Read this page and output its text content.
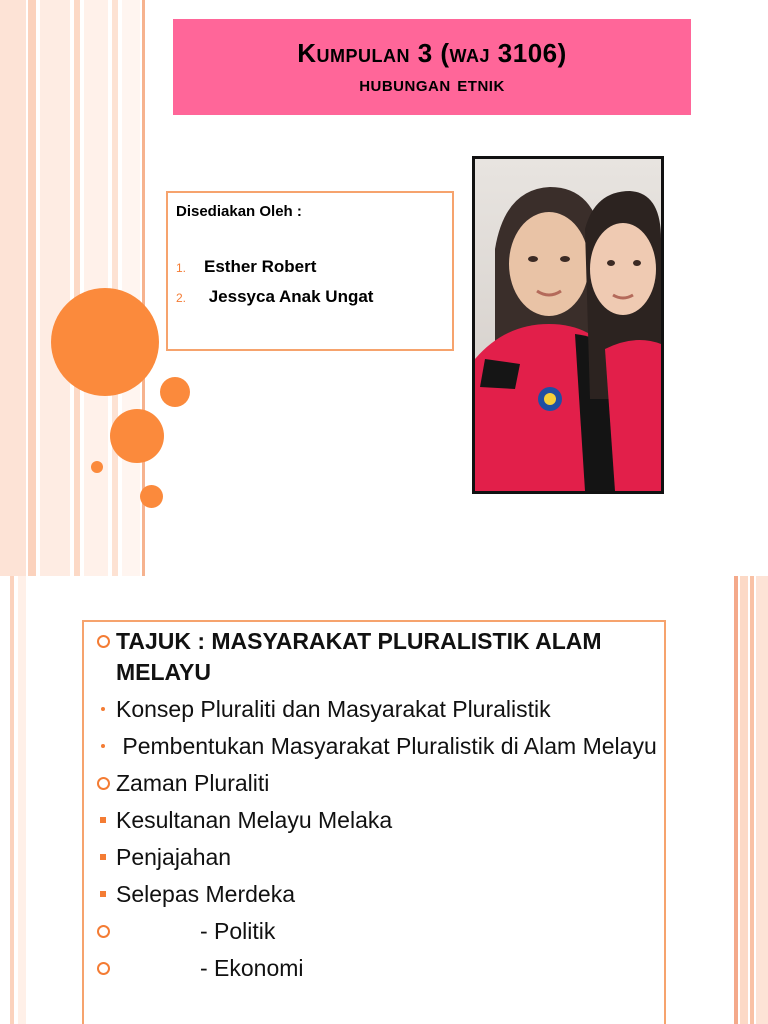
Kumpulan 3 (waj 3106)
hubungan etnik
Disediakan Oleh :
1.	Esther Robert
2.	Jessyca Anak Ungat
TAJUK : MASYARAKAT PLURALISTIK ALAM MELAYU
Konsep Pluraliti dan Masyarakat Pluralistik
Pembentukan Masyarakat Pluralistik di Alam Melayu
Zaman Pluraliti
Kesultanan Melayu Melaka
Penjajahan
Selepas Merdeka
- Politik
- Ekonomi
